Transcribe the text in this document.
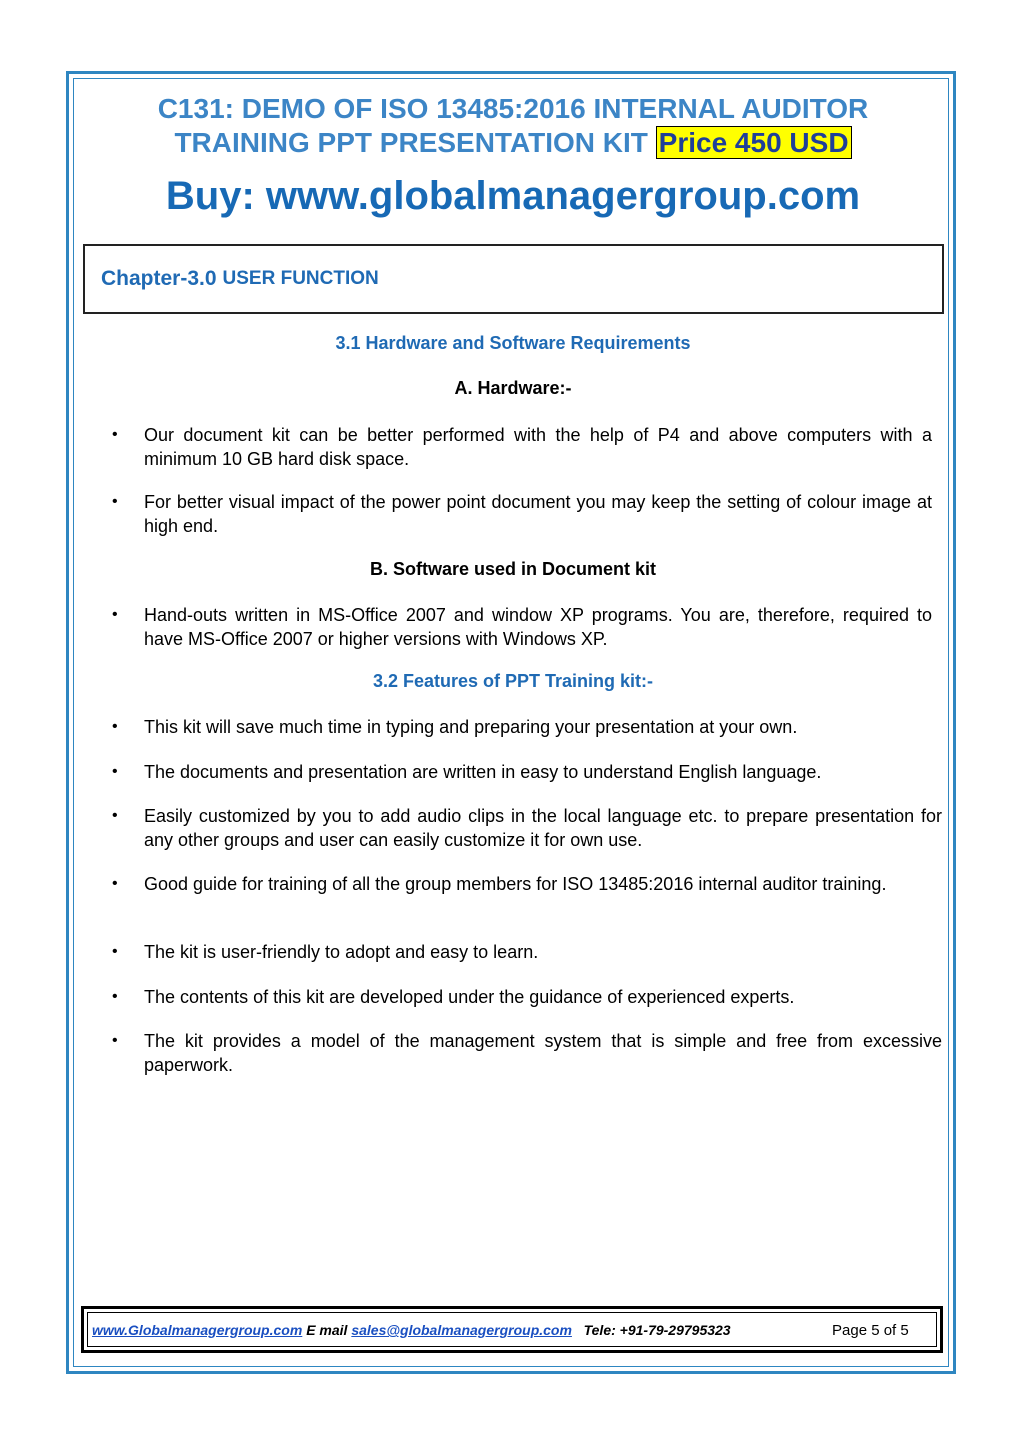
C131: DEMO OF ISO 13485:2016 INTERNAL AUDITOR
TRAINING PPT PRESENTATION KIT Price 450 USD
Buy: www.globalmanagergroup.com
Chapter-3.0 USER FUNCTION
3.1 Hardware and Software Requirements
A. Hardware:-
•	Our document kit can be better performed with the help of P4 and above computers with a minimum 10 GB hard disk space.
•	For better visual impact of the power point document you may keep the setting of colour image at high end.
B. Software used in Document kit
•	Hand-outs written in MS-Office 2007 and window XP programs. You are, therefore, required to have MS-Office 2007 or higher versions with Windows XP.
3.2 Features of PPT Training kit:-
•	This kit will save much time in typing and preparing your presentation at your own.
•	The documents and presentation are written in easy to understand English language.
•	Easily customized by you to add audio clips in the local language etc. to prepare presentation for any other groups and user can easily customize it for own use.
•	Good guide for training of all the group members for ISO 13485:2016 internal auditor training.
•	The kit is user-friendly to adopt and easy to learn.
•	The contents of this kit are developed under the guidance of experienced experts.
•	The kit provides a model of the management system that is simple and free from excessive paperwork.
www.Globalmanagergroup.com E mail sales@globalmanagergroup.com Tele: +91-79-29795323	Page 5 of 5
